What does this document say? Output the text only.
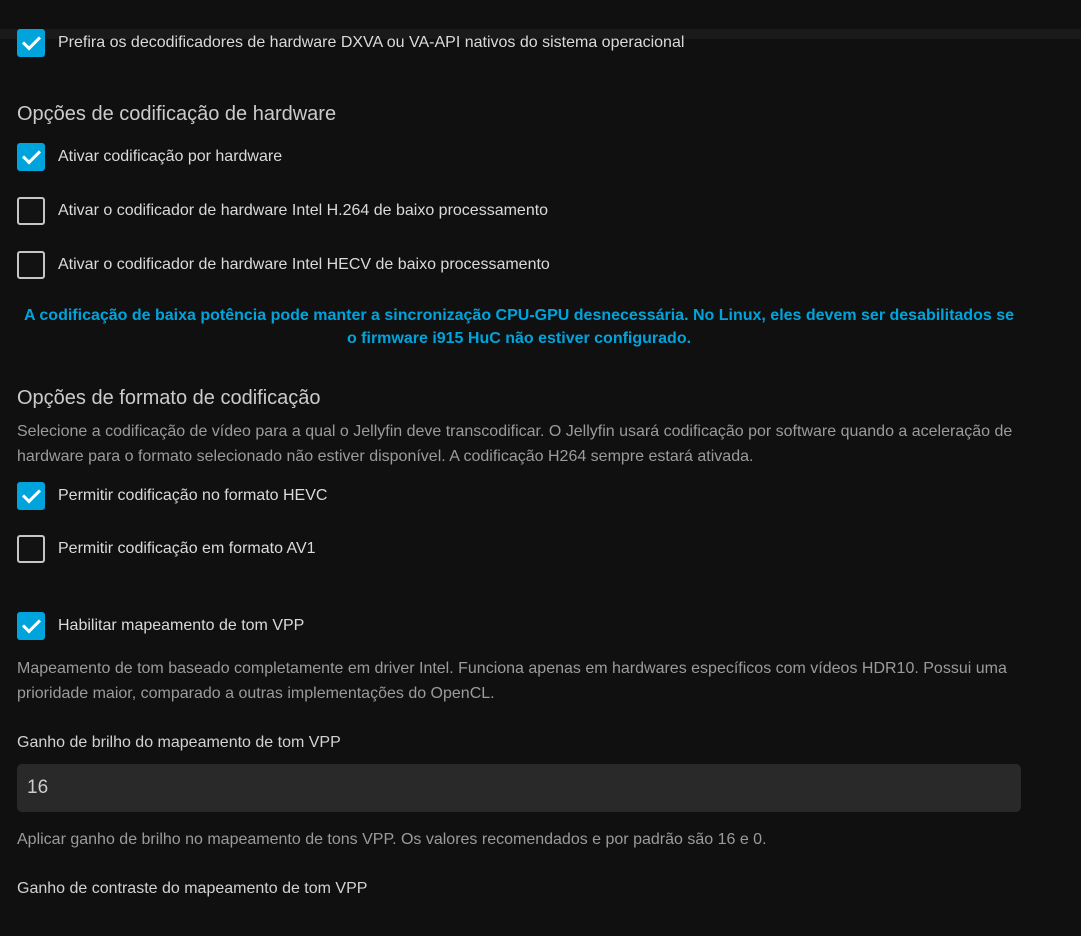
Prefira os decodificadores de hardware DXVA ou VA-API nativos do sistema operacional
Opções de codificação de hardware
Ativar codificação por hardware
Ativar o codificador de hardware Intel H.264 de baixo processamento
Ativar o codificador de hardware Intel HECV de baixo processamento
A codificação de baixa potência pode manter a sincronização CPU-GPU desnecessária. No Linux, eles devem ser desabilitados se o firmware i915 HuC não estiver configurado.
Opções de formato de codificação

Selecione a codificação de vídeo para a qual o Jellyfin deve transcodificar. O Jellyfin usará codificação por software quando a aceleração de hardware para o formato selecionado não estiver disponível. A codificação H264 sempre estará ativada.

Permitir codificação no formato HEVC
Permitir codificação em formato AV1
Habilitar mapeamento de tom VPP

Mapeamento de tom baseado completamente em driver Intel. Funciona apenas em hardwares específicos com vídeos HDR10. Possui uma prioridade maior, comparado a outras implementações do OpenCL.

Ganho de brilho do mapeamento de tom VPP
16

Aplicar ganho de brilho no mapeamento de tons VPP. Os valores recomendados e por padrão são 16 e 0.

Ganho de contraste do mapeamento de tom VPP
